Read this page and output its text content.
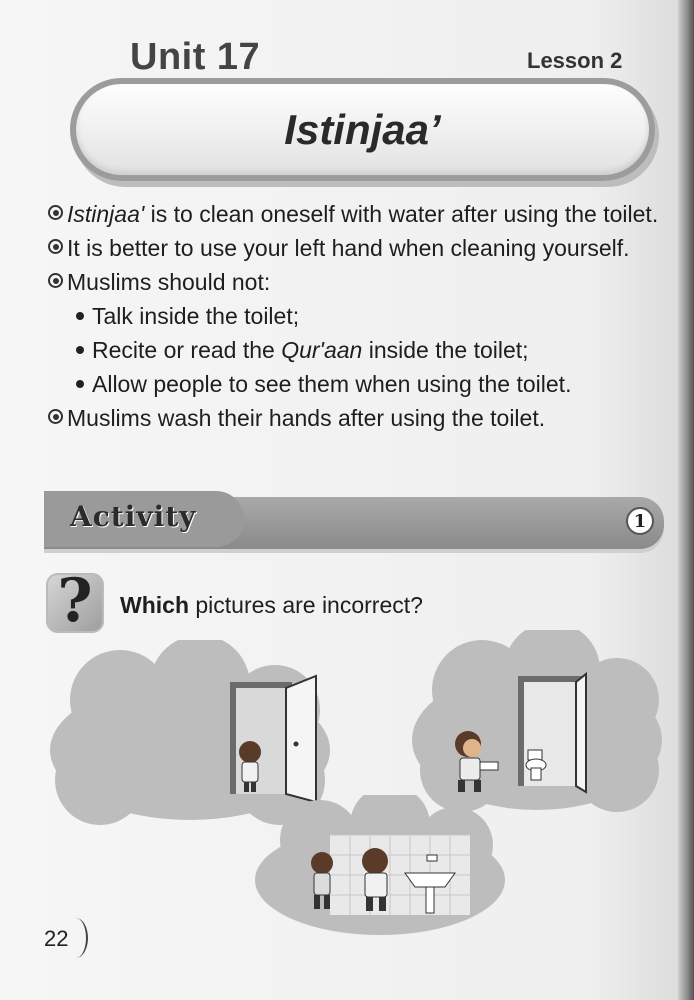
Unit 17	Lesson 2
Istinjaa’
Istinjaa' is to clean oneself with water after using the toilet.
It is better to use your left hand when cleaning yourself.
Muslims should not:
Talk inside the toilet;
Recite or read the Qur'aan inside the toilet;
Allow people to see them when using the toilet.
Muslims wash their hands after using the toilet.
Activity	1
?	Which pictures are incorrect?
22
